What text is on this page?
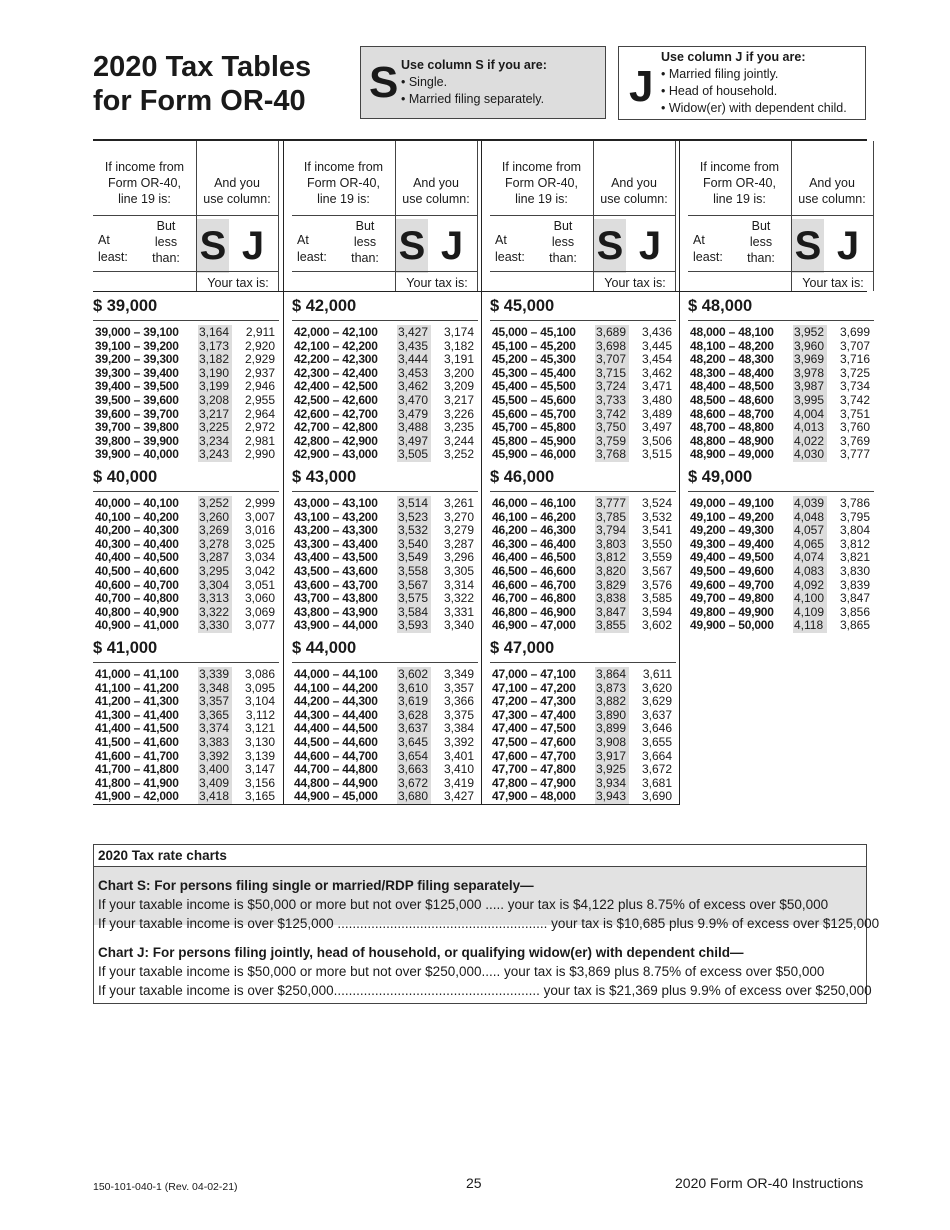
2020 Tax Tables
for Form OR-40 S Use column S if you are:
• Single.
• Married filing separately. J
Use column J if you are:
• Married filing jointly.
• Head of household.
• Widow(er) with dependent child.
If income from
Form OR-40,
line 19 is:
And you
use column:
At
least:
But
less
than: S J
Your tax is:
If income from
Form OR-40,
line 19 is:
And you
use column:
At
least:
But
less
than: S J
Your tax is:
If income from
Form OR-40,
line 19 is:
And you
use column:
At
least:
But
less
than: S J
Your tax is:
If income from
Form OR-40,
line 19 is:
And you
use column:
At
least:
But
less
than: S J
Your tax is:
$ 39,000
39,000 – 39,100 3,164	2,911
39,100 – 39,200 3,173	2,920
39,200 – 39,300 3,182	2,929
39,300 – 39,400 3,190	2,937
39,400 – 39,500 3,199	2,946
39,500 – 39,600 3,208	2,955
39,600 – 39,700 3,217	2,964
39,700 – 39,800 3,225	2,972
39,800 – 39,900 3,234	2,981
39,900 – 40,000 3,243	2,990
$ 42,000
42,000 – 42,100 3,427	3,174
42,100 – 42,200 3,435	3,182
42,200 – 42,300 3,444	3,191
42,300 – 42,400 3,453	3,200
42,400 – 42,500 3,462	3,209
42,500 – 42,600 3,470	3,217
42,600 – 42,700 3,479	3,226
42,700 – 42,800 3,488	3,235
42,800 – 42,900 3,497	3,244
42,900 – 43,000 3,505	3,252
$ 45,000
45,000 – 45,100 3,689	3,436
45,100 – 45,200 3,698	3,445
45,200 – 45,300 3,707	3,454
45,300 – 45,400 3,715	3,462
45,400 – 45,500 3,724	3,471
45,500 – 45,600 3,733	3,480
45,600 – 45,700 3,742	3,489
45,700 – 45,800 3,750	3,497
45,800 – 45,900 3,759	3,506
45,900 – 46,000 3,768	3,515
$ 48,000
48,000 – 48,100 3,952	3,699
48,100 – 48,200 3,960	3,707
48,200 – 48,300 3,969	3,716
48,300 – 48,400 3,978	3,725
48,400 – 48,500 3,987	3,734
48,500 – 48,600 3,995	3,742
48,600 – 48,700 4,004	3,751
48,700 – 48,800 4,013	3,760
48,800 – 48,900 4,022	3,769
48,900 – 49,000 4,030	3,777
$ 40,000
40,000 – 40,100 3,252	2,999
40,100 – 40,200 3,260	3,007
40,200 – 40,300 3,269	3,016
40,300 – 40,400 3,278	3,025
40,400 – 40,500 3,287	3,034
40,500 – 40,600 3,295	3,042
40,600 – 40,700 3,304	3,051
40,700 – 40,800 3,313	3,060
40,800 – 40,900 3,322	3,069
40,900 – 41,000 3,330	3,077
$ 43,000
43,000 – 43,100 3,514	3,261
43,100 – 43,200 3,523	3,270
43,200 – 43,300 3,532	3,279
43,300 – 43,400 3,540	3,287
43,400 – 43,500 3,549	3,296
43,500 – 43,600 3,558	3,305
43,600 – 43,700 3,567	3,314
43,700 – 43,800 3,575	3,322
43,800 – 43,900 3,584	3,331
43,900 – 44,000 3,593	3,340
$ 46,000
46,000 – 46,100 3,777	3,524
46,100 – 46,200 3,785	3,532
46,200 – 46,300 3,794	3,541
46,300 – 46,400 3,803	3,550
46,400 – 46,500 3,812	3,559
46,500 – 46,600 3,820	3,567
46,600 – 46,700 3,829	3,576
46,700 – 46,800 3,838	3,585
46,800 – 46,900 3,847	3,594
46,900 – 47,000 3,855	3,602
$ 49,000
49,000 – 49,100 4,039	3,786
49,100 – 49,200 4,048	3,795
49,200 – 49,300 4,057	3,804
49,300 – 49,400 4,065	3,812
49,400 – 49,500 4,074	3,821
49,500 – 49,600 4,083	3,830
49,600 – 49,700 4,092	3,839
49,700 – 49,800 4,100	3,847
49,800 – 49,900 4,109	3,856
49,900 – 50,000 4,118	3,865
$ 41,000
41,000 – 41,100 3,339	3,086
41,100 – 41,200 3,348	3,095
41,200 – 41,300 3,357	3,104
41,300 – 41,400 3,365	3,112
41,400 – 41,500 3,374	3,121
41,500 – 41,600 3,383	3,130
41,600 – 41,700 3,392	3,139
41,700 – 41,800 3,400	3,147
41,800 – 41,900 3,409	3,156
41,900 – 42,000 3,418	3,165
$ 44,000
44,000 – 44,100 3,602	3,349
44,100 – 44,200 3,610	3,357
44,200 – 44,300 3,619	3,366
44,300 – 44,400 3,628	3,375
44,400 – 44,500 3,637	3,384
44,500 – 44,600 3,645	3,392
44,600 – 44,700 3,654	3,401
44,700 – 44,800 3,663	3,410
44,800 – 44,900 3,672	3,419
44,900 – 45,000 3,680	3,427
$ 47,000
47,000 – 47,100 3,864	3,611
47,100 – 47,200 3,873	3,620
47,200 – 47,300 3,882	3,629
47,300 – 47,400 3,890	3,637
47,400 – 47,500 3,899	3,646
47,500 – 47,600 3,908	3,655
47,600 – 47,700 3,917	3,664
47,700 – 47,800 3,925	3,672
47,800 – 47,900 3,934	3,681
47,900 – 48,000 3,943	3,690
2020 Tax rate charts
Chart S: For persons filing single or married/RDP filing separately—
If your taxable income is $50,000 or more but not over $125,000 ..... your tax is $4,122 plus 8.75% of excess over $50,000
If your taxable income is over $125,000 ........................................................ your tax is $10,685 plus 9.9% of excess over $125,000
Chart J: For persons filing jointly, head of household, or qualifying widow(er) with dependent child—
If your taxable income is $50,000 or more but not over $250,000..... your tax is $3,869 plus 8.75% of excess over $50,000
If your taxable income is over $250,000....................................................... your tax is $21,369 plus 9.9% of excess over $250,000
150-101-040-1 (Rev. 04-02-21)	25	2020 Form OR-40 Instructions
